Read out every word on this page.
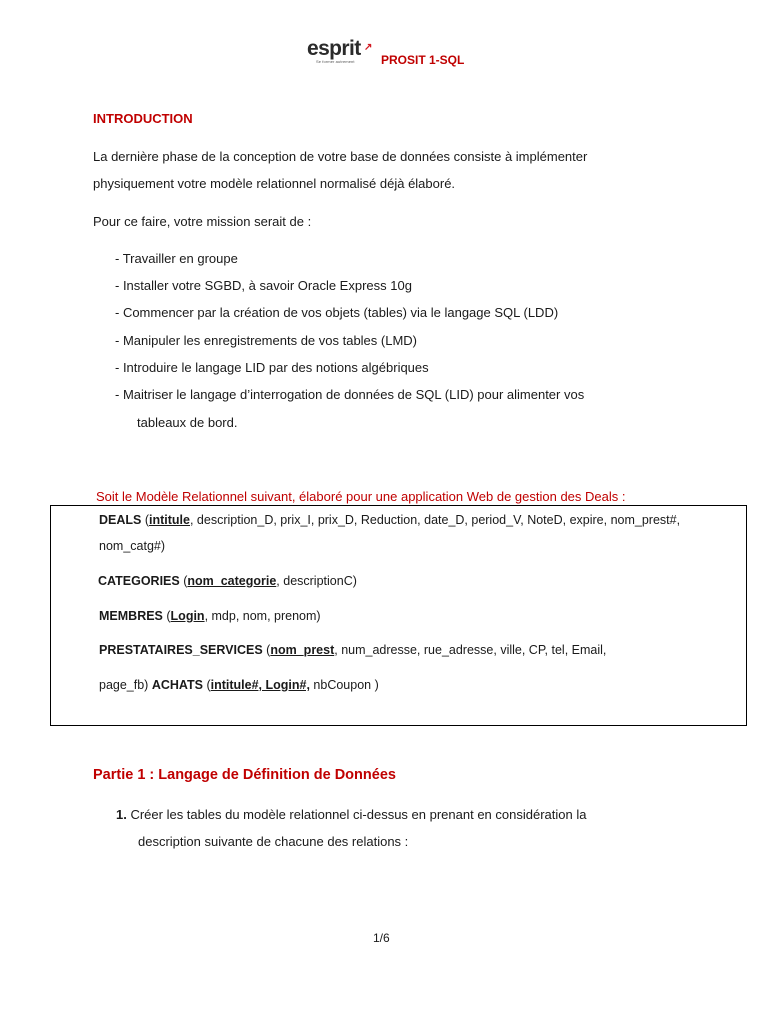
esprit
Se former autrement
↗
PROSIT 1-SQL
INTRODUCTION
La dernière phase de la conception de votre base de données consiste à implémenter
physiquement votre modèle relationnel normalisé déjà élaboré.
Pour ce faire, votre mission serait de :
- Travailler en groupe
- Installer votre SGBD, à savoir Oracle Express 10g
- Commencer par la création de vos objets (tables) via le langage SQL (LDD)
- Manipuler les enregistrements de vos tables (LMD)
- Introduire le langage LID par des notions algébriques
- Maitriser le langage d’interrogation de données de SQL (LID) pour alimenter vos
tableaux de bord.
Soit le Modèle Relationnel suivant, élaboré pour une application Web de gestion des Deals :
DEALS (intitule, description_D, prix_I, prix_D, Reduction, date_D, period_V, NoteD, expire, nom_prest#,
nom_catg#)
CATEGORIES (nom_categorie, descriptionC)
MEMBRES (Login, mdp, nom, prenom)
PRESTATAIRES_SERVICES (nom_prest, num_adresse, rue_adresse, ville, CP, tel, Email,
page_fb) ACHATS (intitule#, Login#, nbCoupon )
Partie 1 : Langage de Définition de Données
1. Créer les tables du modèle relationnel ci-dessus en prenant en considération la
description suivante de chacune des relations :
1/6
